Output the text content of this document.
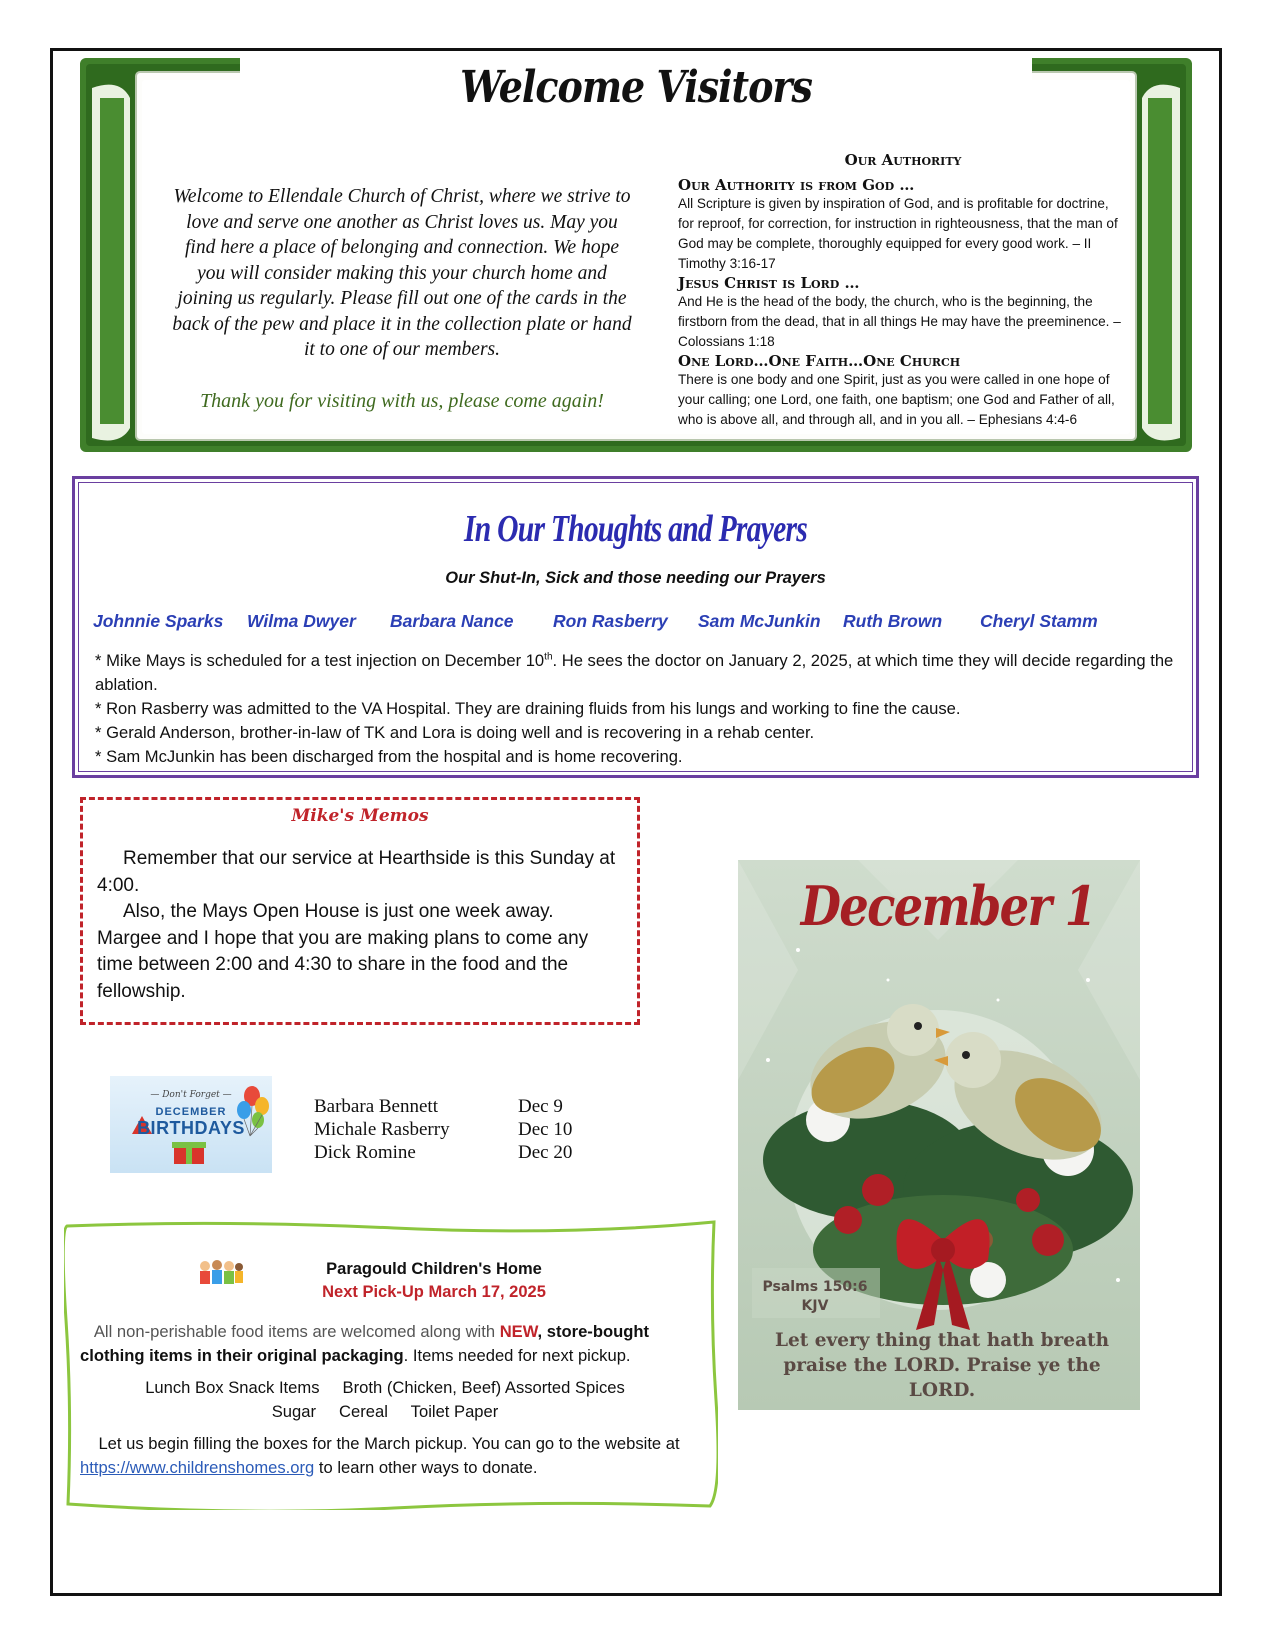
Welcome Visitors
Welcome to Ellendale Church of Christ, where we strive to love and serve one another as Christ loves us. May you find here a place of belonging and connection. We hope you will consider making this your church home and joining us regularly. Please fill out one of the cards in the back of the pew and place it in the collection plate or hand it to one of our members.
Thank you for visiting with us, please come again!
Our Authority
Our Authority is from God …
All Scripture is given by inspiration of God, and is profitable for doctrine, for reproof, for correction, for instruction in righteousness, that the man of God may be complete, thoroughly equipped for every good work. – II Timothy 3:16-17
Jesus Christ is Lord …
And He is the head of the body, the church, who is the beginning, the firstborn from the dead, that in all things He may have the preeminence. – Colossians 1:18
One Lord…One Faith…One Church
There is one body and one Spirit, just as you were called in one hope of your calling; one Lord, one faith, one baptism; one God and Father of all, who is above all, and through all, and in you all. – Ephesians 4:4-6
In Our Thoughts and Prayers
Our Shut-In, Sick and those needing our Prayers
Johnnie Sparks Wilma Dwyer Barbara Nance Ron Rasberry Sam McJunkin Ruth Brown Cheryl Stamm

* Mike Mays is scheduled for a test injection on December 10th. He sees the doctor on January 2, 2025, at which time they will decide regarding the ablation.

* Ron Rasberry was admitted to the VA Hospital. They are draining fluids from his lungs and working to fine the cause.

* Gerald Anderson, brother-in-law of TK and Lora is doing well and is recovering in a rehab center.

* Sam McJunkin has been discharged from the hospital and is home recovering.

Mike's Memos

Remember that our service at Hearthside is this Sunday at 4:00.

Also, the Mays Open House is just one week away. Margee and I hope that you are making plans to come any time between 2:00 and 4:30 to share in the food and the fellowship.

— Don't Forget —
DECEMBER
BIRTHDAYS
Barbara Bennett	Dec 9
Michale Rasberry	Dec 10
Dick Romine	Dec 20
Paragould Children's Home
Next Pick-Up March 17, 2025

All non-perishable food items are welcomed along with NEW, store-bought clothing items in their original packaging. Items needed for next pickup.

Lunch Box Snack Items     Broth (Chicken, Beef) Assorted Spices

Sugar     Cereal     Toilet Paper

Let us begin filling the boxes for the March pickup. You can go to the website at https://www.childrenshomes.org to learn other ways to donate.

December 1
Psalms 150:6
KJV
Let every thing that hath breath praise the LORD. Praise ye the LORD.
